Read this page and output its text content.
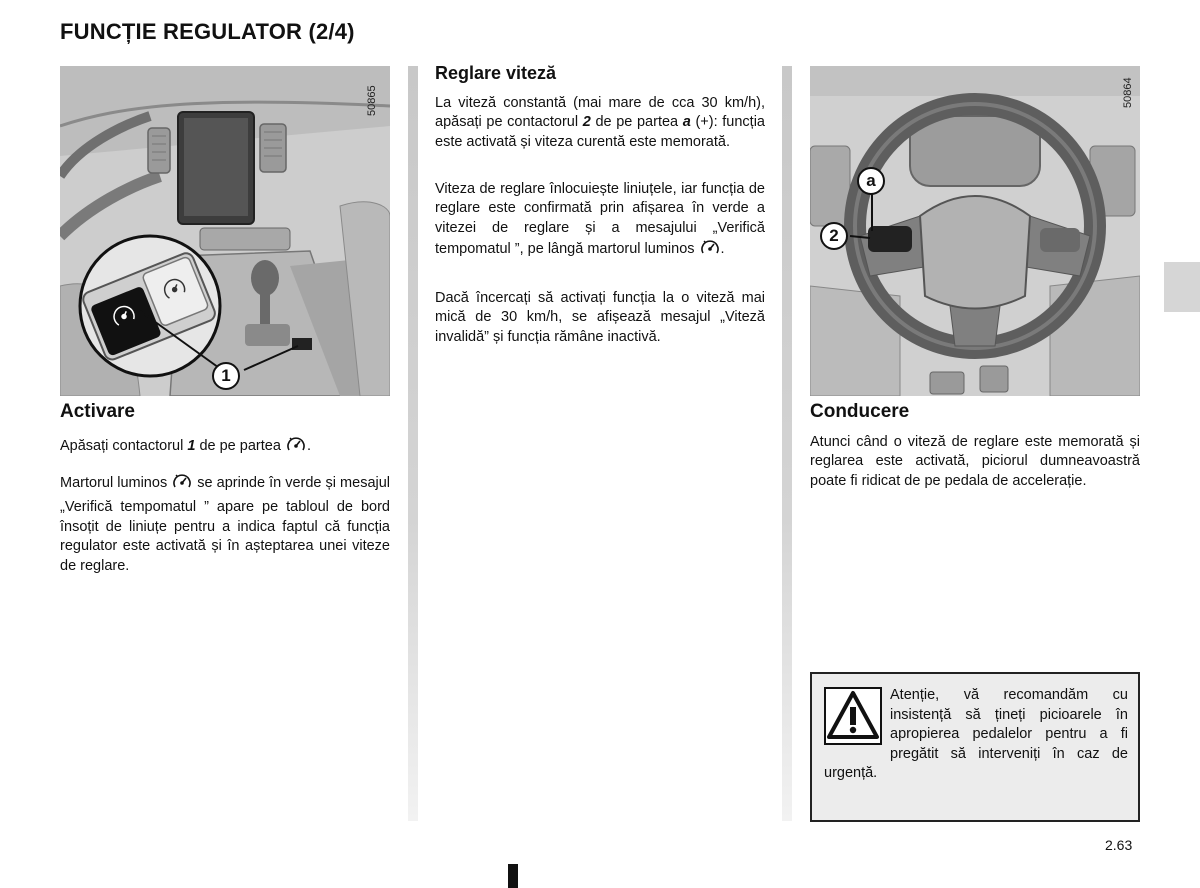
FUNCȚIE REGULATOR (2/4)
50865
1
Activare
Apăsați contactorul 1 de pe partea .
Martorul luminos  se aprinde în verde și mesajul „Verifică tempomatul ” apare pe tabloul de bord însoțit de liniuțe pentru a indica faptul că funcția regulator este activată și în așteptarea unei viteze de reglare.
Reglare viteză
La viteză constantă (mai mare de cca 30 km/h), apăsați pe contactorul 2 de pe partea a (+): funcția este activată și viteza curentă este memorată.
Viteza de reglare înlocuiește liniuțele, iar funcția de reglare este confirmată prin afișarea în verde a vitezei de reglare și a mesajului „Verifică tempomatul ”, pe lângă martorul luminos .
Dacă încercați să activați funcția la o viteză mai mică de 30 km/h, se afișează mesajul „Viteză invalidă” și funcția rămâne inactivă.
50864
a
2
Conducere
Atunci când o viteză de reglare este memorată și reglarea este activată, piciorul dumneavoastră poate fi ridicat de pe pedala de accelerație.
Atenție, vă recomandăm cu insistență să țineți picioarele în apropierea pedalelor pentru a fi pregătit să interveniți în caz de urgență.
2.63
